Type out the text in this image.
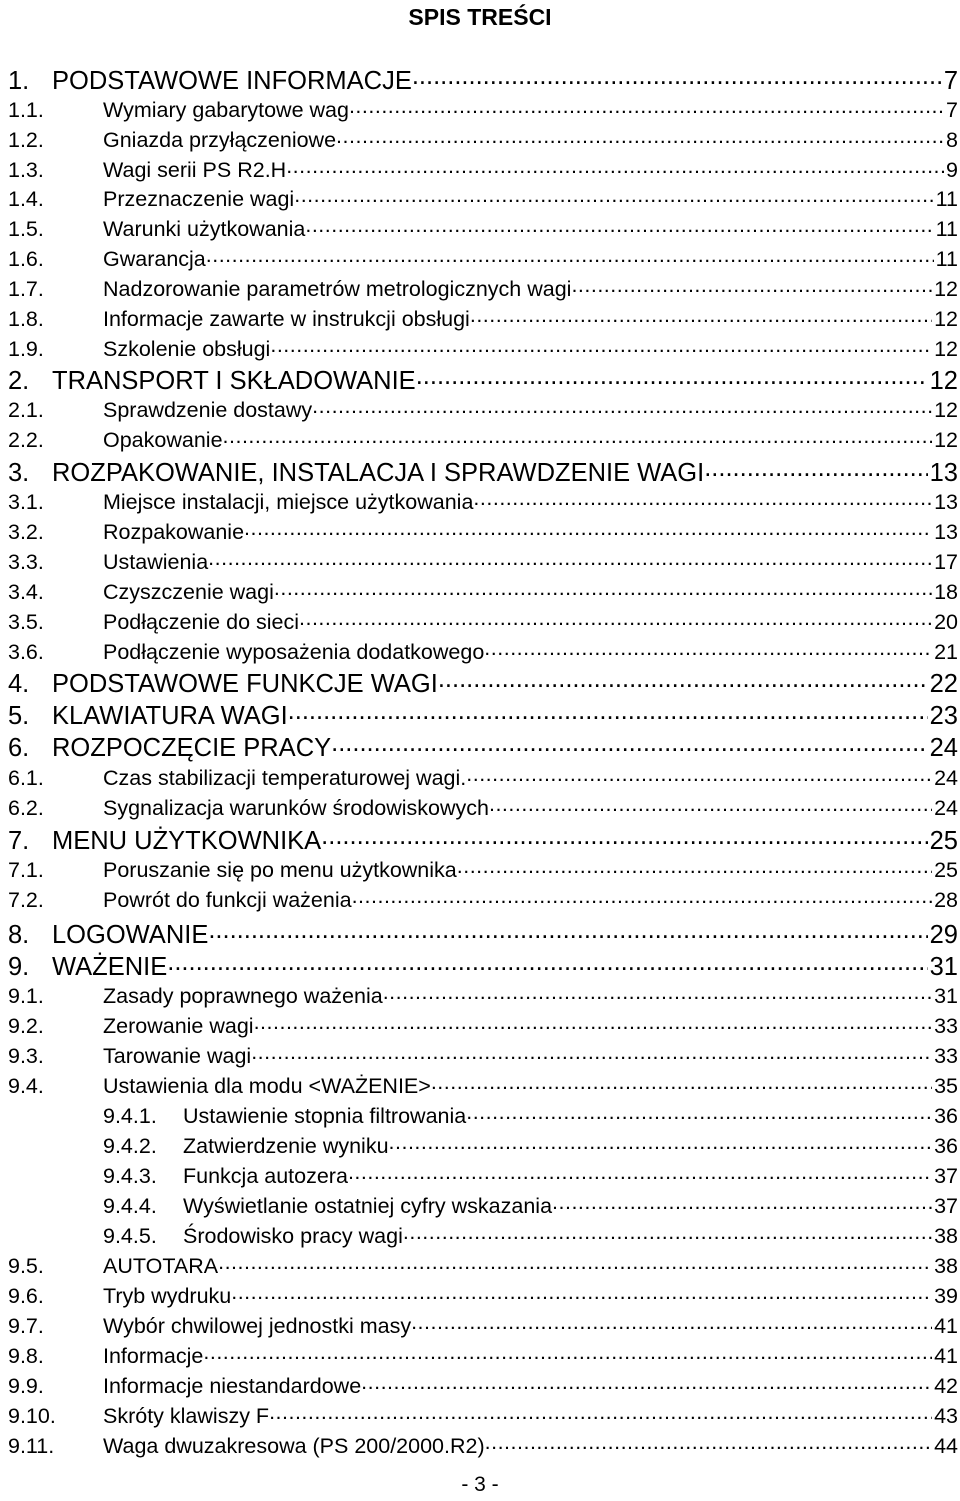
SPIS TREŚCI
1. PODSTAWOWE INFORMACJE .....	7
1.1.	Wymiary gabarytowe wag .....	7
1.2.	Gniazda przyłączeniowe .....	8
1.3.	Wagi serii PS R2.H .....	9
1.4.	Przeznaczenie wagi .....	11
1.5.	Warunki użytkowania .....	11
1.6.	Gwarancja .....	11
1.7.	Nadzorowanie parametrów metrologicznych wagi .....	12
1.8.	Informacje zawarte w instrukcji obsługi .....	12
1.9.	Szkolenie obsługi .....	12
2. TRANSPORT I SKŁADOWANIE .....	12
2.1.	Sprawdzenie dostawy .....	12
2.2.	Opakowanie .....	12
3. ROZPAKOWANIE, INSTALACJA I SPRAWDZENIE WAGI .....	13
3.1.	Miejsce instalacji, miejsce użytkowania .....	13
3.2.	Rozpakowanie .....	13
3.3.	Ustawienia .....	17
3.4.	Czyszczenie wagi .....	18
3.5.	Podłączenie do sieci .....	20
3.6.	Podłączenie wyposażenia dodatkowego .....	21
4. PODSTAWOWE FUNKCJE WAGI .....	22
5. KLAWIATURA WAGI .....	23
6. ROZPOCZĘCIE PRACY .....	24
6.1.	Czas stabilizacji temperaturowej wagi. .....	24
6.2.	Sygnalizacja warunków środowiskowych .....	24
7. MENU UŻYTKOWNIKA .....	25
7.1.	Poruszanie się po menu użytkownika .....	25
7.2.	Powrót do funkcji ważenia .....	28
8. LOGOWANIE .....	29
9. WAŻENIE .....	31
9.1.	Zasady poprawnego ważenia .....	31
9.2.	Zerowanie wagi .....	33
9.3.	Tarowanie wagi .....	33
9.4.	Ustawienia dla modu <WAŻENIE> .....	35
9.4.1.	Ustawienie stopnia filtrowania .....	36
9.4.2.	Zatwierdzenie wyniku .....	36
9.4.3.	Funkcja autozera .....	37
9.4.4.	Wyświetlanie ostatniej cyfry wskazania .....	37
9.4.5.	Środowisko pracy wagi .....	38
9.5.	AUTOTARA .....	38
9.6.	Tryb wydruku .....	39
9.7.	Wybór chwilowej jednostki masy .....	41
9.8.	Informacje .....	41
9.9.	Informacje niestandardowe .....	42
9.10.	Skróty klawiszy F .....	43
9.11.	Waga dwuzakresowa (PS 200/2000.R2) .....	44
- 3 -
